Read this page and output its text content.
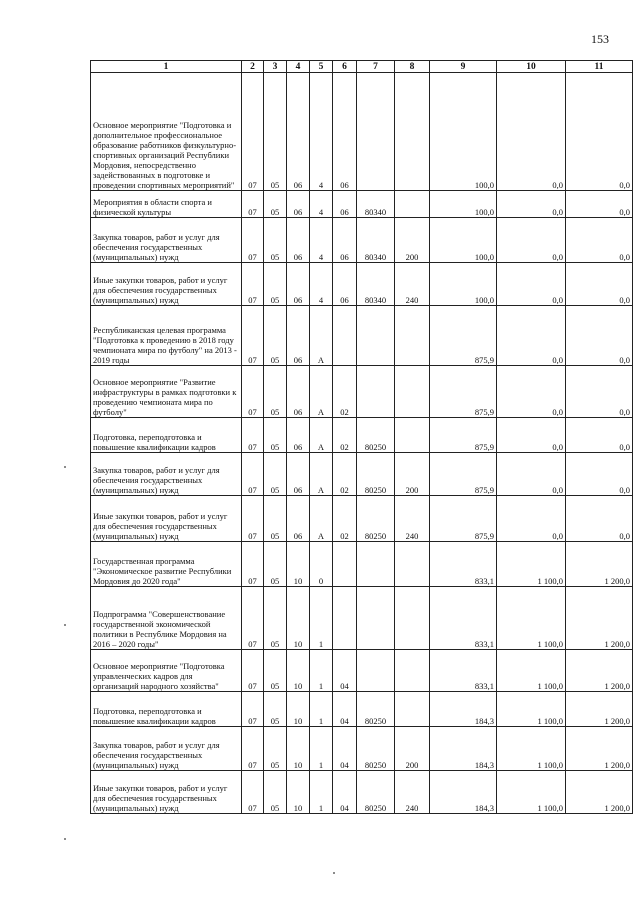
153
1	2	3	4	5	6	7	8	9	10	11
Основное мероприятие "Подготовка и дополнительное профессиональное образование работников физкультурно-спортивных организаций Республики Мордовия, непосредственно задействованных в подготовке и проведении спортивных мероприятий"	07	05	06	4	06			100,0	0,0	0,0
Мероприятия в области спорта и физической культуры	07	05	06	4	06	80340		100,0	0,0	0,0
Закупка товаров, работ и услуг для обеспечения государственных (муниципальных) нужд	07	05	06	4	06	80340	200	100,0	0,0	0,0
Иные закупки товаров, работ и услуг для обеспечения государственных (муниципальных) нужд	07	05	06	4	06	80340	240	100,0	0,0	0,0
Республиканская целевая программа "Подготовка к проведению в 2018 году чемпионата мира по футболу" на 2013 - 2019 годы	07	05	06	А				875,9	0,0	0,0
Основное мероприятие "Развитие инфраструктуры в рамках подготовки к проведению чемпионата мира по футболу"	07	05	06	А	02			875,9	0,0	0,0
Подготовка, переподготовка и повышение квалификации кадров	07	05	06	А	02	80250		875,9	0,0	0,0
Закупка товаров, работ и услуг для обеспечения государственных (муниципальных) нужд	07	05	06	А	02	80250	200	875,9	0,0	0,0
Иные закупки товаров, работ и услуг для обеспечения государственных (муниципальных) нужд	07	05	06	А	02	80250	240	875,9	0,0	0,0
Государственная программа "Экономическое развитие Республики Мордовия до 2020 года"	07	05	10	0				833,1	1 100,0	1 200,0
Подпрограмма "Совершенствование государственной экономической политики в Республике Мордовия на 2016 – 2020 годы"	07	05	10	1				833,1	1 100,0	1 200,0
Основное мероприятие "Подготовка управленческих кадров для организаций народного хозяйства"	07	05	10	1	04			833,1	1 100,0	1 200,0
Подготовка, переподготовка и повышение квалификации кадров	07	05	10	1	04	80250		184,3	1 100,0	1 200,0
Закупка товаров, работ и услуг для обеспечения государственных (муниципальных) нужд	07	05	10	1	04	80250	200	184,3	1 100,0	1 200,0
Иные закупки товаров, работ и услуг для обеспечения государственных (муниципальных) нужд	07	05	10	1	04	80250	240	184,3	1 100,0	1 200,0
